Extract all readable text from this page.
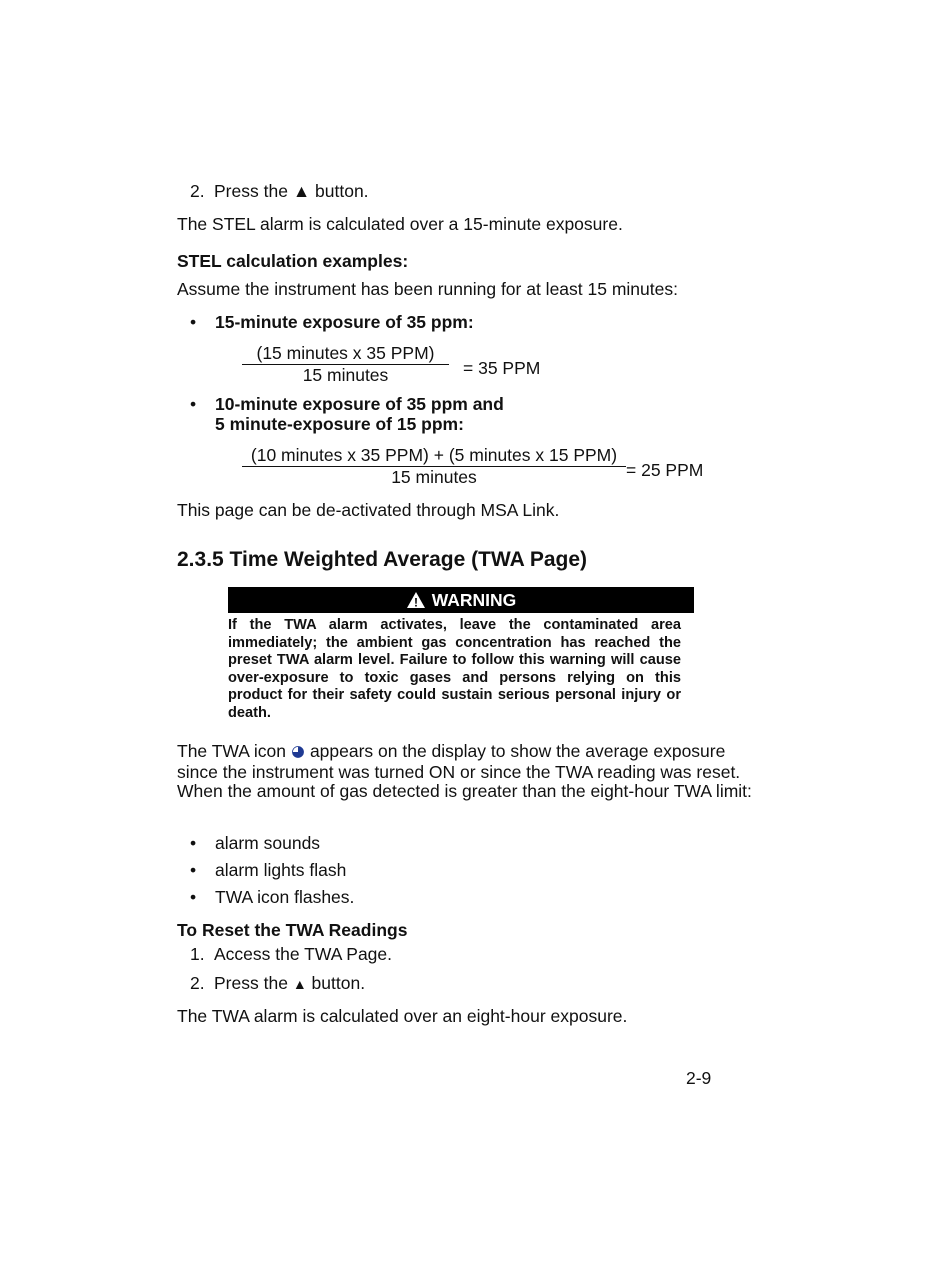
2. Press the ▲ button.
The STEL alarm is calculated over a 15-minute exposure.
STEL calculation examples:
Assume the instrument has been running for at least 15 minutes:
• 15-minute exposure of 35 ppm:
(15 minutes x 35 PPM)
15 minutes	= 35 PPM
• 10-minute exposure of 35 ppm and
5 minute-exposure of 15 ppm:
(10 minutes x 35 PPM) + (5 minutes x 15 PPM)
15 minutes	= 25 PPM
This page can be de-activated through MSA Link.
2.3.5 Time Weighted Average (TWA Page)
! WARNING
If the TWA alarm activates, leave the contaminated area immediately; the ambient gas concentration has reached the preset TWA alarm level. Failure to follow this warning will cause over-exposure to toxic gases and persons relying on this product for their safety could sustain serious personal injury or death.
The TWA icon appears on the display to show the average exposure since the instrument was turned ON or since the TWA reading was reset. When the amount of gas detected is greater than the eight-hour TWA limit:
• alarm sounds
• alarm lights flash
• TWA icon flashes.
To Reset the TWA Readings
1. Access the TWA Page.
2. Press the ▲ button.
The TWA alarm is calculated over an eight-hour exposure.
2-9
